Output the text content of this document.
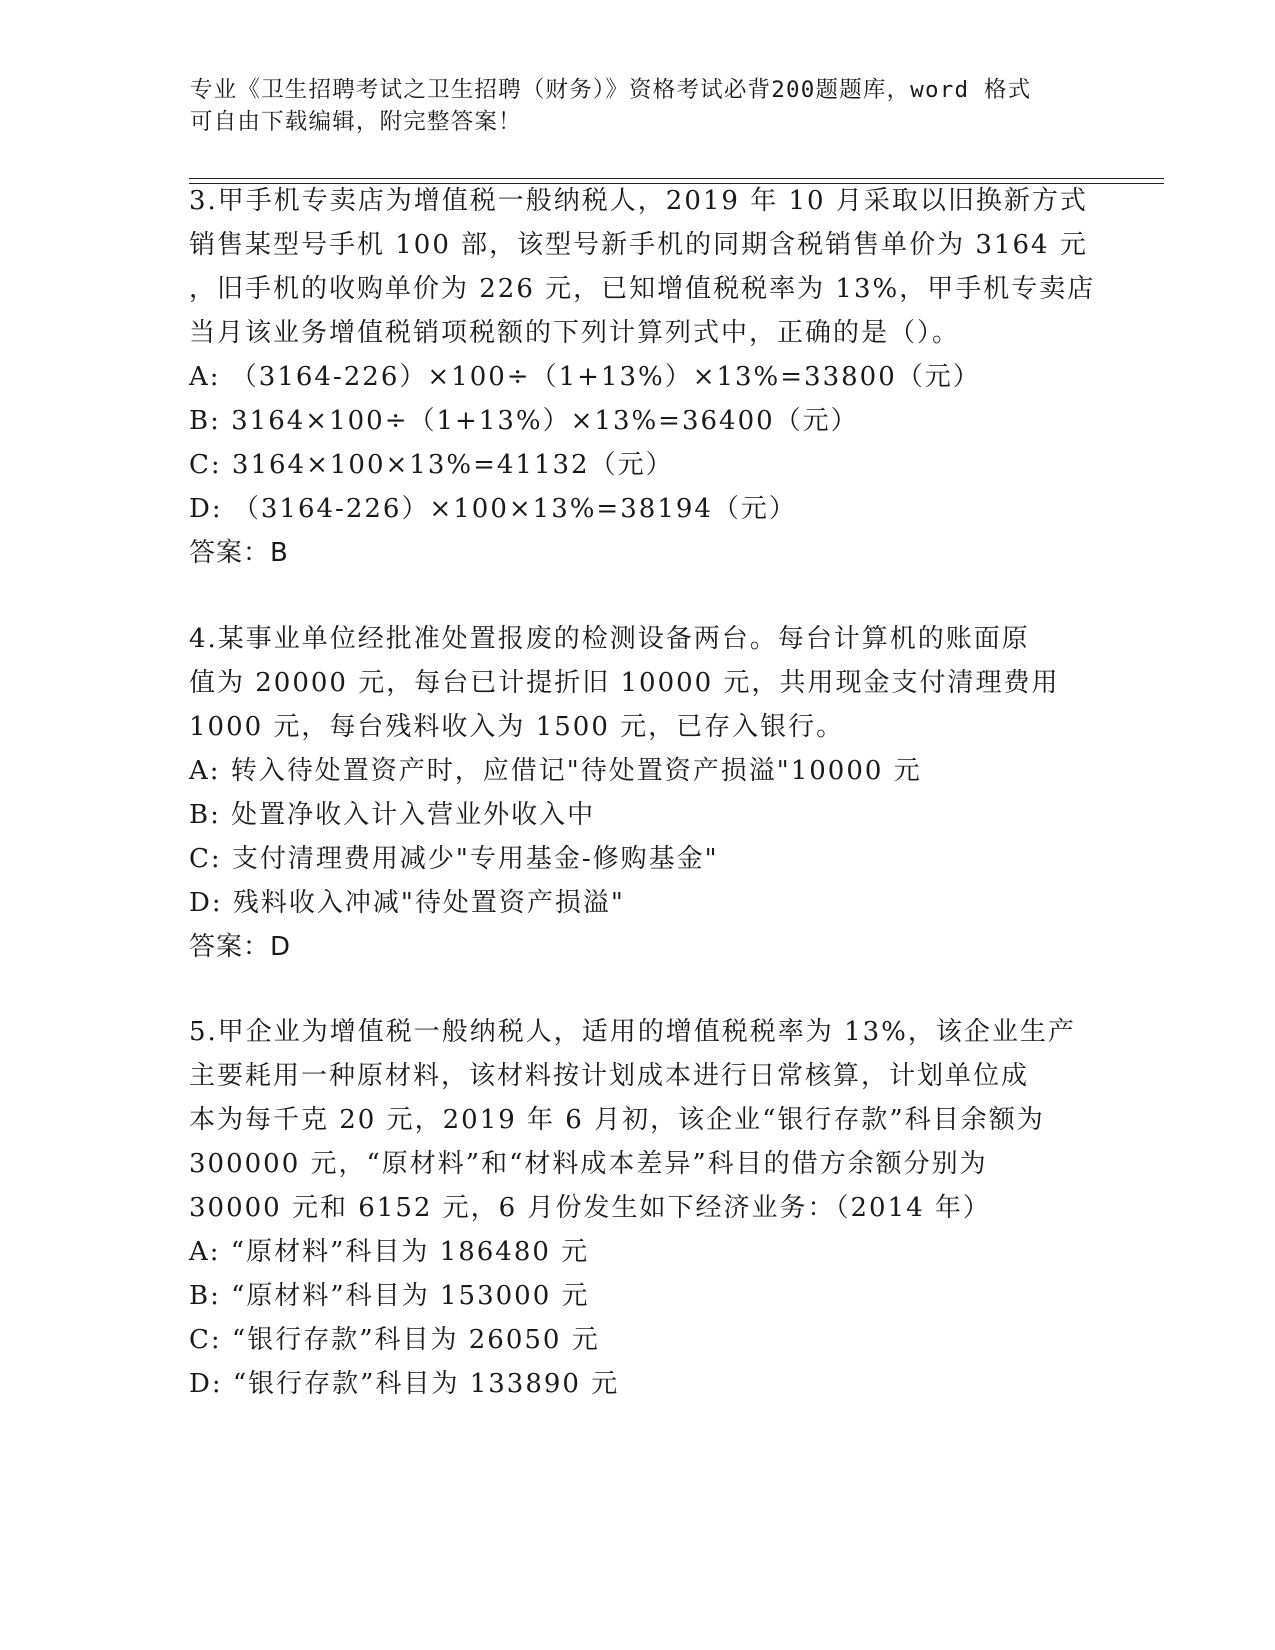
专业《卫生招聘考试之卫生招聘（财务）》资格考试必背200题题库，word 格式
可自由下载编辑，附完整答案！
3.甲手机专卖店为增值税一般纳税人，2019 年 10 月采取以旧换新方式
销售某型号手机 100 部，该型号新手机的同期含税销售单价为 3164 元
，旧手机的收购单价为 226 元，已知增值税税率为 13%，甲手机专卖店
当月该业务增值税销项税额的下列计算列式中，正确的是（）。
A: （3164-226）×100÷（1+13%）×13%=33800（元）
B: 3164×100÷（1+13%）×13%=36400（元）
C: 3164×100×13%=41132（元）
D: （3164-226）×100×13%=38194（元）
答案：B
4.某事业单位经批准处置报废的检测设备两台。每台计算机的账面原
值为 20000 元，每台已计提折旧 10000 元，共用现金支付清理费用
1000 元，每台残料收入为 1500 元，已存入银行。
A: 转入待处置资产时，应借记"待处置资产损溢"10000 元
B: 处置净收入计入营业外收入中
C: 支付清理费用减少"专用基金-修购基金"
D: 残料收入冲减"待处置资产损溢"
答案：D
5.甲企业为增值税一般纳税人，适用的增值税税率为 13%，该企业生产
主要耗用一种原材料，该材料按计划成本进行日常核算，计划单位成
本为每千克 20 元，2019 年 6 月初，该企业“银行存款”科目余额为
300000 元，“原材料”和“材料成本差异”科目的借方余额分别为
30000 元和 6152 元，6 月份发生如下经济业务：（2014 年）
A: “原材料”科目为 186480 元
B: “原材料”科目为 153000 元
C: “银行存款”科目为 26050 元
D: “银行存款”科目为 133890 元
